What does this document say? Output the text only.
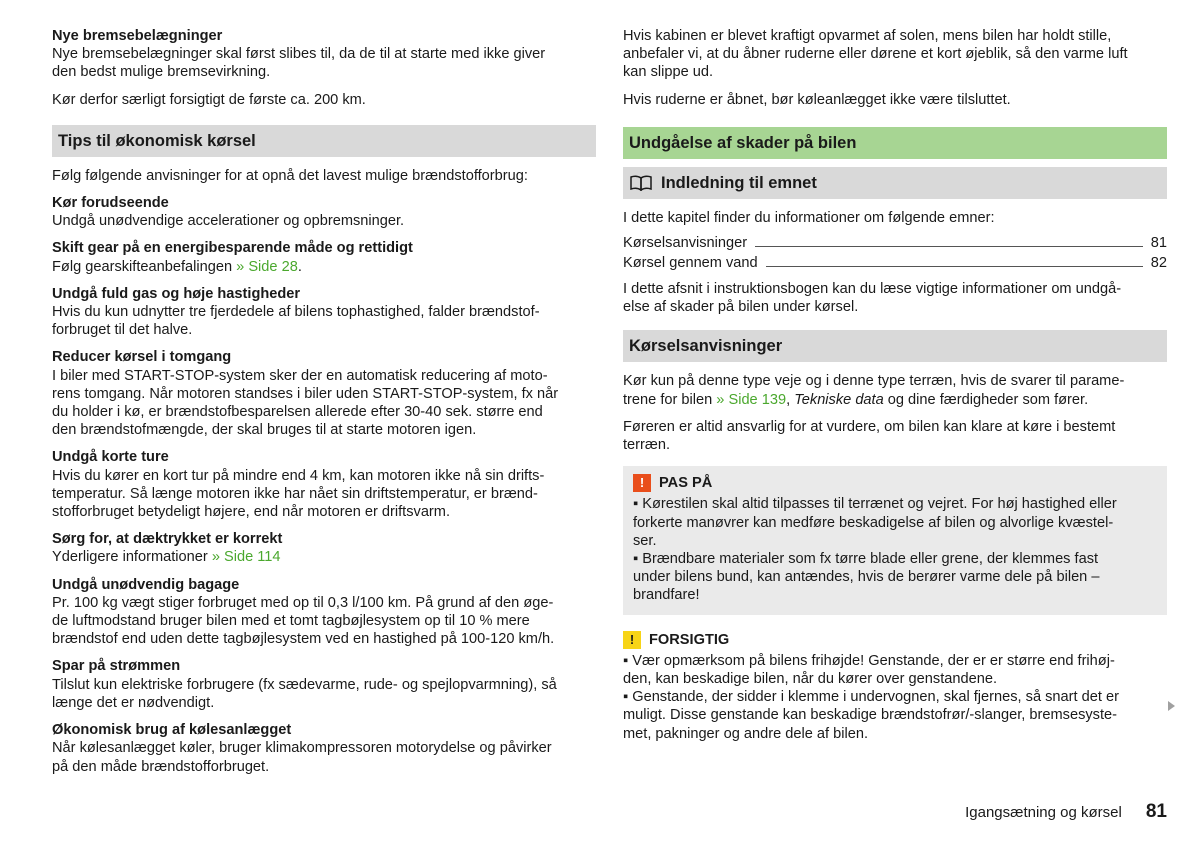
Nye bremsebelægninger

Nye bremsebelægninger skal først slibes til, da de til at starte med ikke giver

den bedst mulige bremsevirkning.

Kør derfor særligt forsigtigt de første ca. 200 km.

Tips til økonomisk kørsel

Følg følgende anvisninger for at opnå det lavest mulige brændstofforbrug:

Kør forudseende

Undgå unødvendige accelerationer og opbremsninger.

Skift gear på en energibesparende måde og rettidigt

Følg gearskifteanbefalingen » Side 28.

Undgå fuld gas og høje hastigheder

Hvis du kun udnytter tre fjerdedele af bilens tophastighed, falder brændstof-

forbruget til det halve.

Reducer kørsel i tomgang

I biler med START-STOP-system sker der en automatisk reducering af moto-

rens tomgang. Når motoren standses i biler uden START-STOP-system, fx når

du holder i kø, er brændstofbesparelsen allerede efter 30-40 sek. større end

den brændstofmængde, der skal bruges til at starte motoren igen.

Undgå korte ture

Hvis du kører en kort tur på mindre end 4 km, kan motoren ikke nå sin drifts-

temperatur. Så længe motoren ikke har nået sin driftstemperatur, er brænd-

stofforbruget betydeligt højere, end når motoren er driftsvarm.

Sørg for, at dæktrykket er korrekt

Yderligere informationer » Side 114

Undgå unødvendig bagage

Pr. 100 kg vægt stiger forbruget med op til 0,3 l/100 km. På grund af den øge-

de luftmodstand bruger bilen med et tomt tagbøjlesystem op til 10 % mere

brændstof end uden dette tagbøjlesystem ved en hastighed på 100-120 km/h.

Spar på strømmen

Tilslut kun elektriske forbrugere (fx sædevarme, rude- og spejlopvarmning), så

længe det er nødvendigt.

Økonomisk brug af kølesanlægget

Når kølesanlægget køler, bruger klimakompressoren motorydelse og påvirker

på den måde brændstofforbruget.

Hvis kabinen er blevet kraftigt opvarmet af solen, mens bilen har holdt stille,

anbefaler vi, at du åbner ruderne eller dørene et kort øjeblik, så den varme luft

kan slippe ud.

Hvis ruderne er åbnet, bør køleanlægget ikke være tilsluttet.

Undgåelse af skader på bilen
Indledning til emnet

I dette kapitel finder du informationer om følgende emner:

Kørselsanvisninger	81
Kørsel gennem vand	82

I dette afsnit i instruktionsbogen kan du læse vigtige informationer om undgå-

else af skader på bilen under kørsel.

Kørselsanvisninger

Kør kun på denne type veje og i denne type terræn, hvis de svarer til parame-

trene for bilen » Side 139, Tekniske data og dine færdigheder som fører.

Føreren er altid ansvarlig for at vurdere, om bilen kan klare at køre i bestemt

terræn.

!	PAS PÅ

▪ Kørestilen skal altid tilpasses til terrænet og vejret. For høj hastighed eller

forkerte manøvrer kan medføre beskadigelse af bilen og alvorlige kvæstel-

ser.

▪ Brændbare materialer som fx tørre blade eller grene, der klemmes fast

under bilens bund, kan antændes, hvis de berører varme dele på bilen –

brandfare!

!	FORSIGTIG

▪ Vær opmærksom på bilens frihøjde! Genstande, der er er større end frihøj-

den, kan beskadige bilen, når du kører over genstandene.

▪ Genstande, der sidder i klemme i undervognen, skal fjernes, så snart det er

muligt. Disse genstande kan beskadige brændstofrør/-slanger, bremsesyste-

met, pakninger og andre dele af bilen.

Igangsætning og kørsel 81
